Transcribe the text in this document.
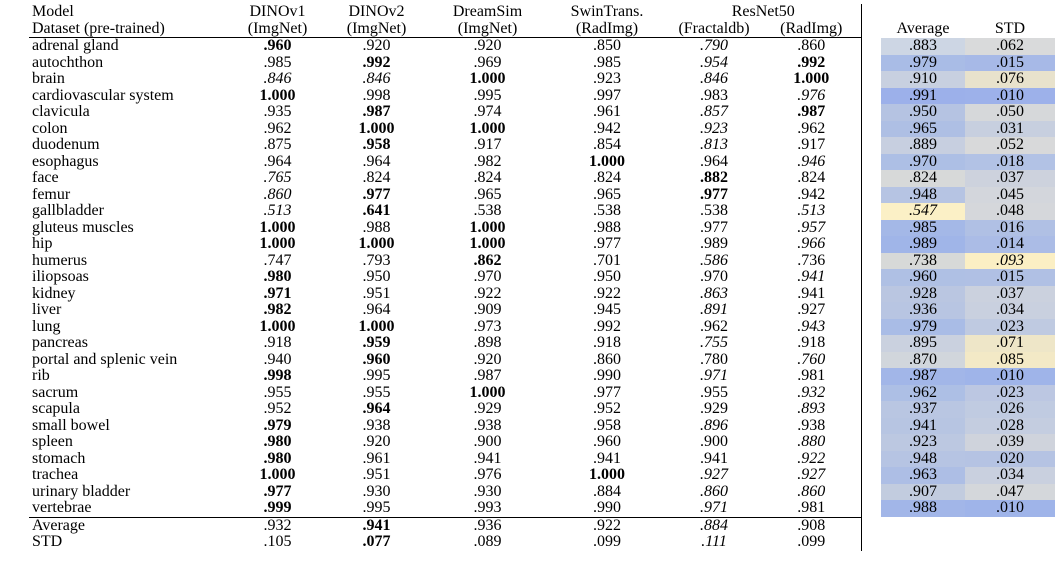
Model	DINOv1	DINOv2	DreamSim	SwinTrans.	ResNet50				
Dataset (pre-trained)	(ImgNet)	(ImgNet)	(ImgNet)	(RadImg)	(Fractaldb)	(RadImg)		Average	STD
adrenal gland	.960	.920	.920	.850	.790	.860		.883	.062
autochthon	.985	.992	.969	.985	.954	.992		.979	.015
brain	.846	.846	1.000	.923	.846	1.000		.910	.076
cardiovascular system	1.000	.998	.995	.997	.983	.976		.991	.010
clavicula	.935	.987	.974	.961	.857	.987		.950	.050
colon	.962	1.000	1.000	.942	.923	.962		.965	.031
duodenum	.875	.958	.917	.854	.813	.917		.889	.052
esophagus	.964	.964	.982	1.000	.964	.946		.970	.018
face	.765	.824	.824	.824	.882	.824		.824	.037
femur	.860	.977	.965	.965	.977	.942		.948	.045
gallbladder	.513	.641	.538	.538	.538	.513		.547	.048
gluteus muscles	1.000	.988	1.000	.988	.977	.957		.985	.016
hip	1.000	1.000	1.000	.977	.989	.966		.989	.014
humerus	.747	.793	.862	.701	.586	.736		.738	.093
iliopsoas	.980	.950	.970	.950	.970	.941		.960	.015
kidney	.971	.951	.922	.922	.863	.941		.928	.037
liver	.982	.964	.909	.945	.891	.927		.936	.034
lung	1.000	1.000	.973	.992	.962	.943		.979	.023
pancreas	.918	.959	.898	.918	.755	.918		.895	.071
portal and splenic vein	.940	.960	.920	.860	.780	.760		.870	.085
rib	.998	.995	.987	.990	.971	.981		.987	.010
sacrum	.955	.955	1.000	.977	.955	.932		.962	.023
scapula	.952	.964	.929	.952	.929	.893		.937	.026
small bowel	.979	.938	.938	.958	.896	.938		.941	.028
spleen	.980	.920	.900	.960	.900	.880		.923	.039
stomach	.980	.961	.941	.941	.941	.922		.948	.020
trachea	1.000	.951	.976	1.000	.927	.927		.963	.034
urinary bladder	.977	.930	.930	.884	.860	.860		.907	.047
vertebrae	.999	.995	.993	.990	.971	.981		.988	.010
Average	.932	.941	.936	.922	.884	.908			
STD	.105	.077	.089	.099	.111	.099			
